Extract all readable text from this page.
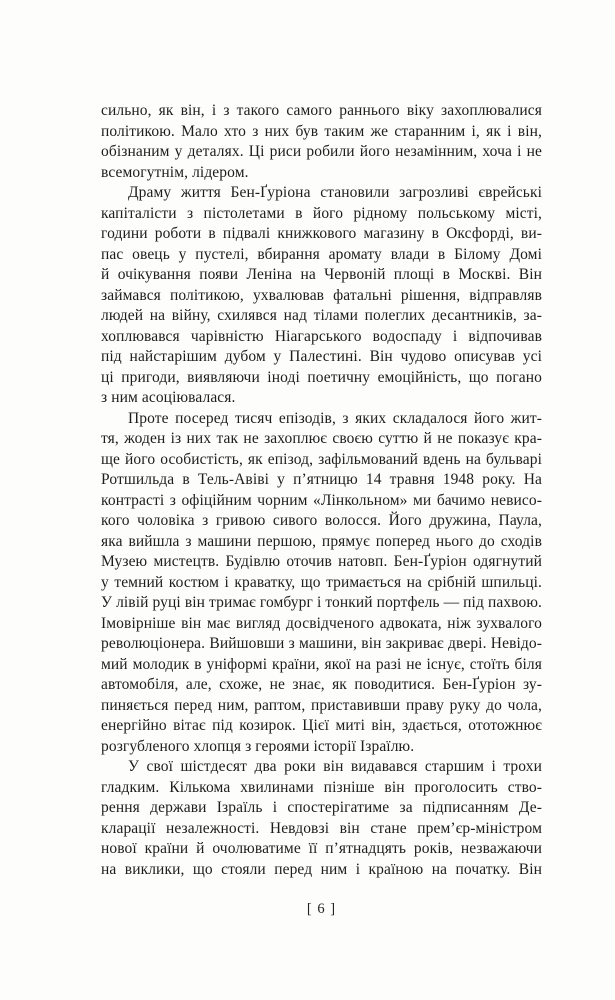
сильно, як він, і з такого самого раннього віку захоплювалися
політикою. Мало хто з них був таким же старанним і, як і він,
обізнаним у деталях. Ці риси робили його незамінним, хоча і не
всемогутнім, лідером.

Драму життя Бен-Ґуріона становили загрозливі єврейські
капіталісти з пістолетами в його рідному польському місті,
години роботи в підвалі книжкового магазину в Оксфорді, ви-
пас овець у пустелі, вбирання аромату влади в Білому Домі
й очікування появи Леніна на Червоній площі в Москві. Він
займався політикою, ухвалював фатальні рішення, відправляв
людей на війну, схилявся над тілами полеглих десантників, за-
хоплювався чарівністю Ніагарського водоспаду і відпочивав
під найстарішим дубом у Палестині. Він чудово описував усі
ці пригоди, виявляючи іноді поетичну емоційність, що погано
з ним асоціювалася.

Проте посеред тисяч епізодів, з яких складалося його жит-
тя, жоден із них так не захоплює своєю суттю й не показує кра-
ще його особистість, як епізод, зафільмований вдень на бульварі
Ротшильда в Тель-Авіві у п’ятницю 14 травня 1948 року. На
контрасті з офіційним чорним «Лінкольном» ми бачимо невисо-
кого чоловіка з гривою сивого волосся. Його дружина, Паула,
яка вийшла з машини першою, прямує поперед нього до сходів
Музею мистецтв. Будівлю оточив натовп. Бен-Ґуріон одягнутий
у темний костюм і краватку, що тримається на срібній шпильці.
У лівій руці він тримає гомбург і тонкий портфель — під пахвою.
Імовірніше він має вигляд досвідченого адвоката, ніж зухвалого
революціонера. Вийшовши з машини, він закриває двері. Невідо-
мий молодик в уніформі країни, якої на разі не існує, стоїть біля
автомобіля, але, схоже, не знає, як поводитися. Бен-Ґуріон зу-
пиняється перед ним, раптом, приставивши праву руку до чола,
енергійно вітає під козирок. Цієї миті він, здається, ототожнює
розгубленого хлопця з героями історії Ізраїлю.

У свої шістдесят два роки він видавався старшим і трохи
гладким. Кількома хвилинами пізніше він проголосить ство-
рення держави Ізраїль і спостерігатиме за підписанням Де-
кларації незалежності. Невдовзі він стане прем’єр-міністром
нової країни й очолюватиме її п’ятнадцять років, незважаючи
на виклики, що стояли перед ним і країною на початку. Він

[ 6 ]
